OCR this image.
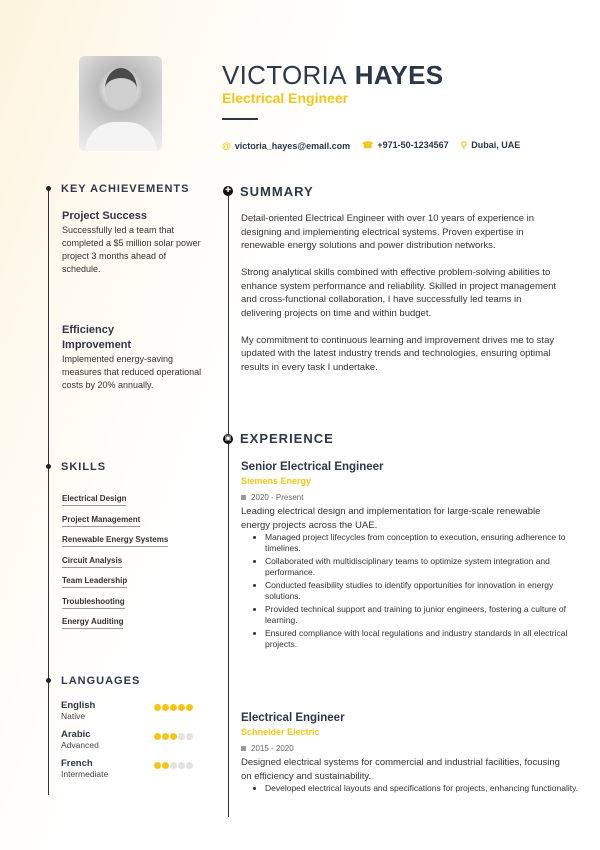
VICTORIA HAYES
Electrical Engineer
@ victoria_hayes@email.com ☎ +971-50-1234567 ⚲ Dubai, UAE
KEY ACHIEVEMENTS
Project Success
Successfully led a team that completed a $5 million solar power project 3 months ahead of schedule.
Efficiency Improvement
Implemented energy-saving measures that reduced operational costs by 20% annually.
SKILLS
Electrical Design
Project Management
Renewable Energy Systems
Circuit Analysis
Team Leadership
Troubleshooting
Energy Auditing
LANGUAGES
English
Native
Arabic
Advanced
French
Intermediate
✚ SUMMARY

Detail-oriented Electrical Engineer with over 10 years of experience in designing and implementing electrical systems. Proven expertise in renewable energy solutions and power distribution networks.

Strong analytical skills combined with effective problem-solving abilities to enhance system performance and reliability. Skilled in project management and cross-functional collaboration, I have successfully led teams in delivering projects on time and within budget.

My commitment to continuous learning and improvement drives me to stay updated with the latest industry trends and technologies, ensuring optimal results in every task I undertake.

▣ EXPERIENCE
Senior Electrical Engineer
Siemens Energy
2020 - Present
Leading electrical design and implementation for large-scale renewable energy projects across the UAE.
• Managed project lifecycles from conception to execution, ensuring adherence to timelines.
• Collaborated with multidisciplinary teams to optimize system integration and performance.
• Conducted feasibility studies to identify opportunities for innovation in energy solutions.
• Provided technical support and training to junior engineers, fostering a culture of learning.
• Ensured compliance with local regulations and industry standards in all electrical projects.
Electrical Engineer
Schneider Electric
2015 - 2020
Designed electrical systems for commercial and industrial facilities, focusing on efficiency and sustainability.
• Developed electrical layouts and specifications for projects, enhancing functionality.
